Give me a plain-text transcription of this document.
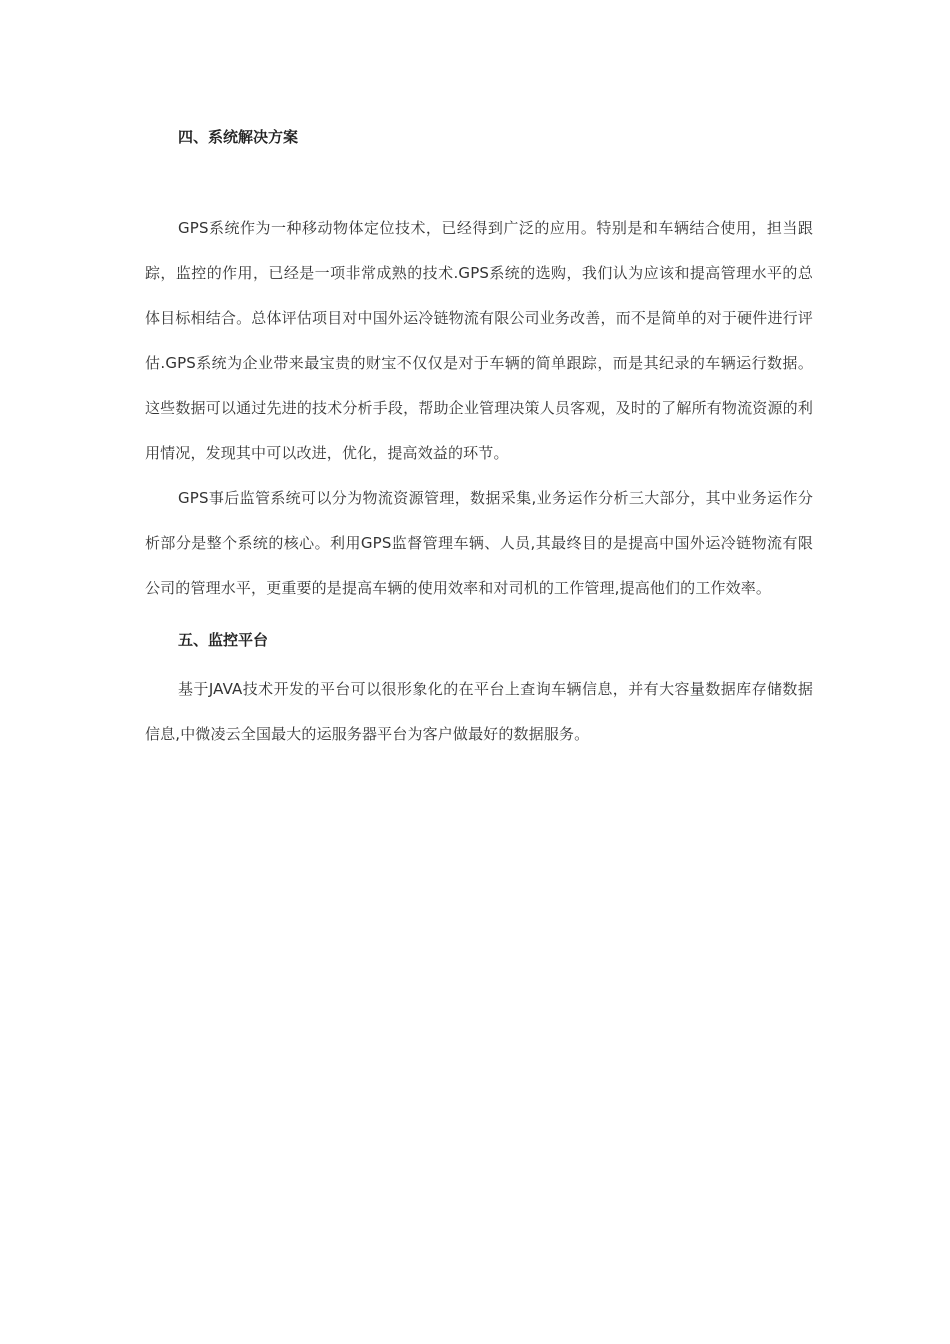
四、系统解决方案

GPS系统作为一种移动物体定位技术，已经得到广泛的应用。特别是和车辆结合使用，担当跟踪，监控的作用，已经是一项非常成熟的技术.GPS系统的选购，我们认为应该和提高管理水平的总体目标相结合。总体评估项目对中国外运冷链物流有限公司业务改善，而不是简单的对于硬件进行评估.GPS系统为企业带来最宝贵的财宝不仅仅是对于车辆的简单跟踪，而是其纪录的车辆运行数据。这些数据可以通过先进的技术分析手段，帮助企业管理决策人员客观，及时的了解所有物流资源的利用情况，发现其中可以改进，优化，提高效益的环节。

GPS事后监管系统可以分为物流资源管理，数据采集,业务运作分析三大部分，其中业务运作分析部分是整个系统的核心。利用GPS监督管理车辆、人员,其最终目的是提高中国外运冷链物流有限公司的管理水平，更重要的是提高车辆的使用效率和对司机的工作管理,提高他们的工作效率。

五、监控平台

基于JAVA技术开发的平台可以很形象化的在平台上查询车辆信息，并有大容量数据库存储数据信息,中微凌云全国最大的运服务器平台为客户做最好的数据服务。
